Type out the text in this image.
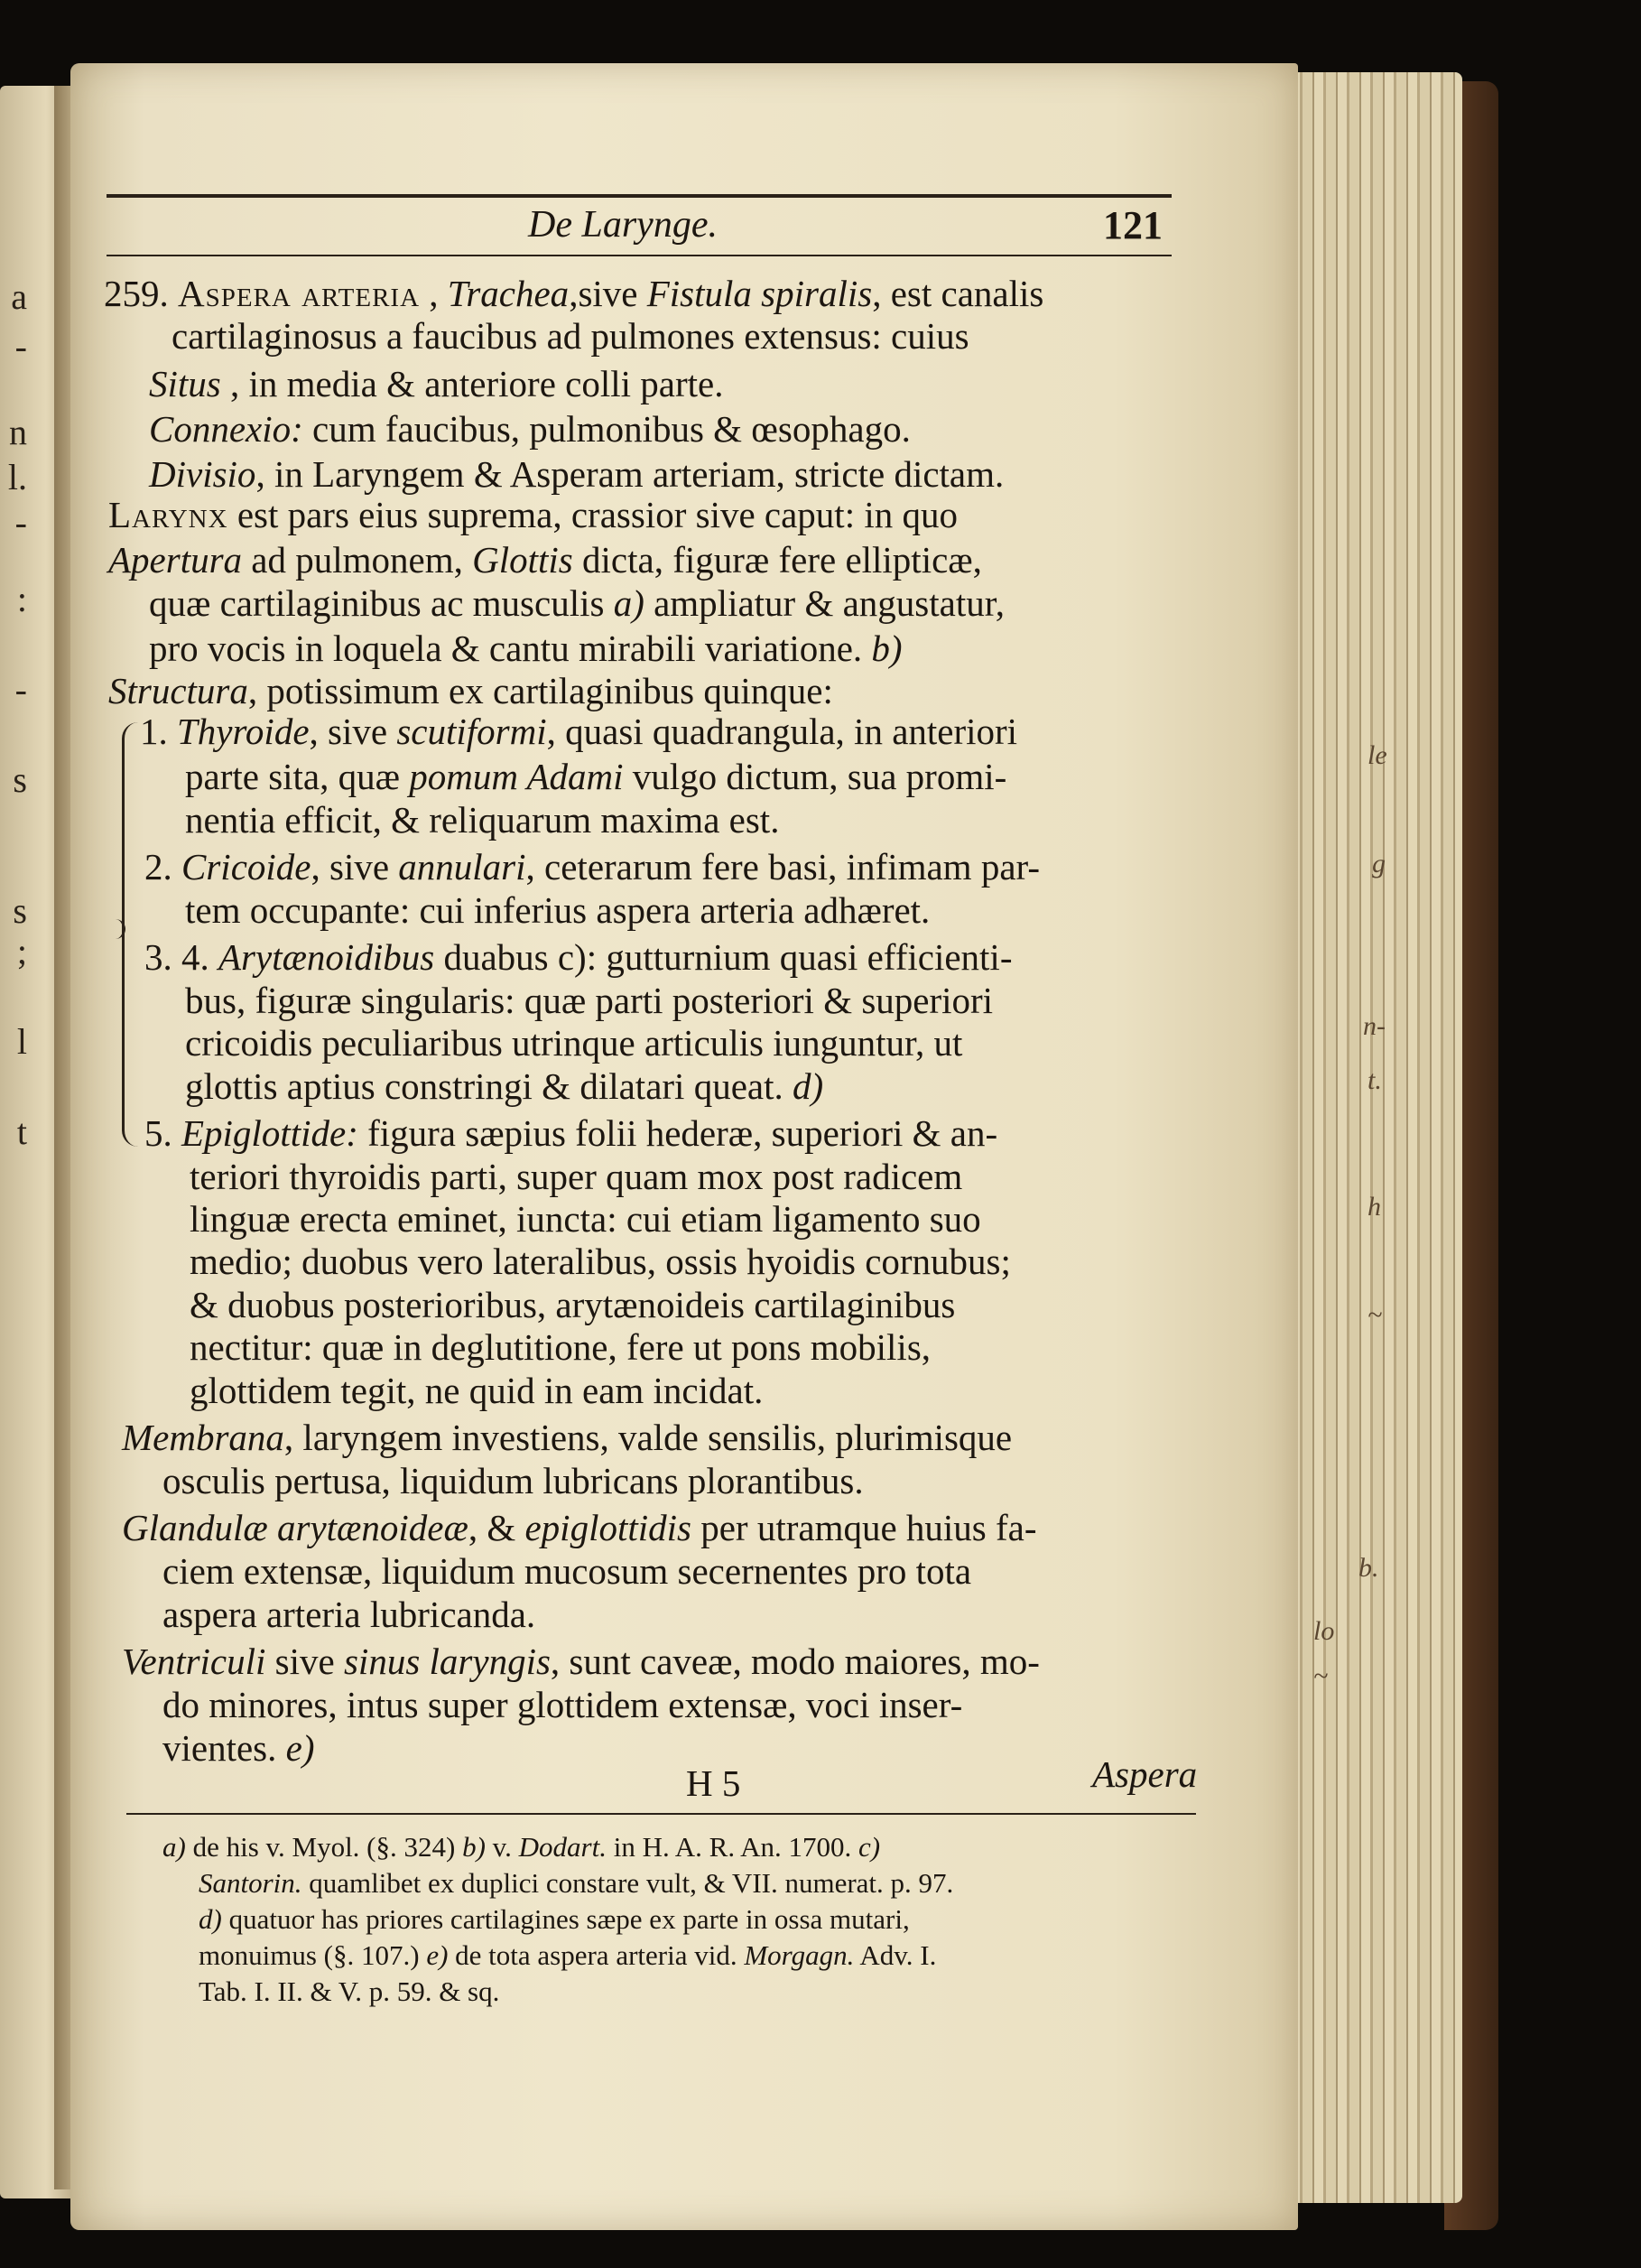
a
-
n
l.
-
:
-
s
s
;
l
t
le
g
n-
t.
h
~
b.
lo
~
De Larynge.	121
259. Aspera arteria , Trachea,sive Fistula spiralis, est canalis
cartilaginosus a faucibus ad pulmones extensus: cuius
Situs , in media & anteriore colli parte.
Connexio: cum faucibus, pulmonibus & œsophago.
Divisio, in Laryngem & Asperam arteriam, stricte dictam.
Larynx est pars eius suprema, crassior sive caput: in quo
Apertura ad pulmonem, Glottis dicta, figuræ fere ellipticæ,
quæ cartilaginibus ac musculis a) ampliatur & angustatur,
pro vocis in loquela & cantu mirabili variatione. b)
Structura, potissimum ex cartilaginibus quinque:
1. Thyroide, sive scutiformi, quasi quadrangula, in anteriori
parte sita, quæ pomum Adami vulgo dictum, sua promi-
nentia efficit, & reliquarum maxima est.
2. Cricoide, sive annulari, ceterarum fere basi, infimam par-
tem occupante: cui inferius aspera arteria adhæret.
3. 4. Arytænoidibus duabus c): gutturnium quasi efficienti-
bus, figuræ singularis: quæ parti posteriori & superiori
cricoidis peculiaribus utrinque articulis iunguntur, ut
glottis aptius constringi & dilatari queat. d)
5. Epiglottide: figura sæpius folii hederæ, superiori & an-
teriori thyroidis parti, super quam mox post radicem
linguæ erecta eminet, iuncta: cui etiam ligamento suo
medio; duobus vero lateralibus, ossis hyoidis cornubus;
& duobus posterioribus, arytænoideis cartilaginibus
nectitur: quæ in deglutitione, fere ut pons mobilis,
glottidem tegit, ne quid in eam incidat.
Membrana, laryngem investiens, valde sensilis, plurimisque
osculis pertusa, liquidum lubricans plorantibus.
Glandulæ arytænoideæ, & epiglottidis per utramque huius fa-
ciem extensæ, liquidum mucosum secernentes pro tota
aspera arteria lubricanda.
Ventriculi sive sinus laryngis, sunt caveæ, modo maiores, mo-
do minores, intus super glottidem extensæ, voci inser-
vientes. e)
H 5	Aspera
a) de his v. Myol. (§. 324) b) v. Dodart. in H. A. R. An. 1700. c)
Santorin. quamlibet ex duplici constare vult, & VII. numerat. p. 97.
d) quatuor has priores cartilagines sæpe ex parte in ossa mutari,
monuimus (§. 107.) e) de tota aspera arteria vid. Morgagn. Adv. I.
Tab. I. II. & V. p. 59. & sq.
